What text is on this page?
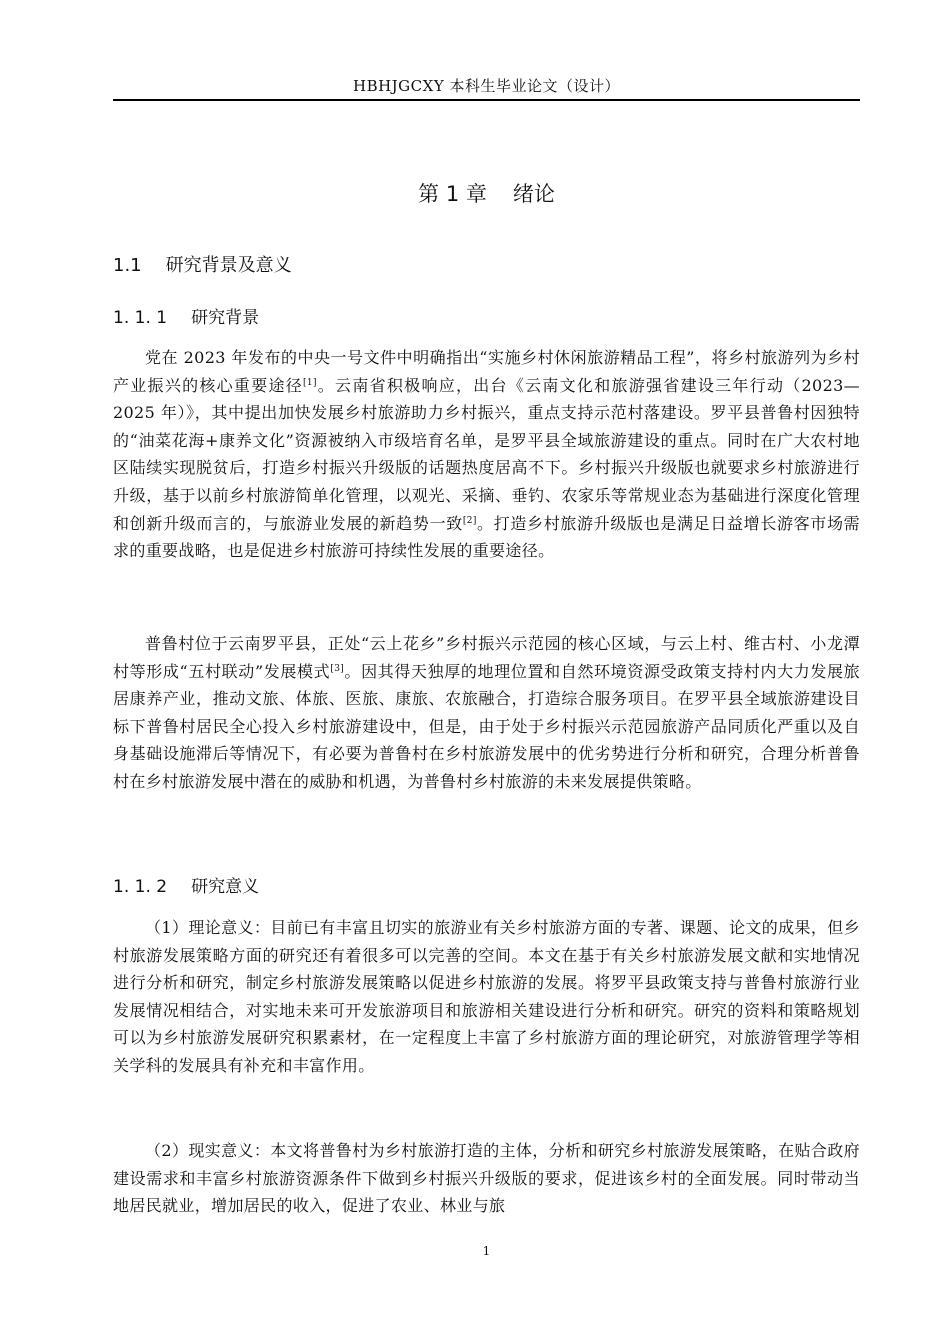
HBHJGCXY 本科生毕业论文（设计）
第 1 章 绪论
1.1 研究背景及意义
1. 1. 1 研究背景

党在 2023 年发布的中央一号文件中明确指出“实施乡村休闲旅游精品工程”，将乡村旅游列为乡村产业振兴的核心重要途径[1]。云南省积极响应，出台《云南文化和旅游强省建设三年行动（2023—2025 年）》，其中提出加快发展乡村旅游助力乡村振兴，重点支持示范村落建设。罗平县普鲁村因独特的“油菜花海+康养文化”资源被纳入市级培育名单，是罗平县全域旅游建设的重点。同时在广大农村地区陆续实现脱贫后，打造乡村振兴升级版的话题热度居高不下。乡村振兴升级版也就要求乡村旅游进行升级，基于以前乡村旅游简单化管理，以观光、采摘、垂钓、农家乐等常规业态为基础进行深度化管理和创新升级而言的，与旅游业发展的新趋势一致[2]。打造乡村旅游升级版也是满足日益增长游客市场需求的重要战略，也是促进乡村旅游可持续性发展的重要途径。

普鲁村位于云南罗平县，正处“云上花乡”乡村振兴示范园的核心区域，与云上村、维古村、小龙潭村等形成“五村联动”发展模式[3]。因其得天独厚的地理位置和自然环境资源受政策支持村内大力发展旅居康养产业，推动文旅、体旅、医旅、康旅、农旅融合，打造综合服务项目。在罗平县全域旅游建设目标下普鲁村居民全心投入乡村旅游建设中，但是，由于处于乡村振兴示范园旅游产品同质化严重以及自身基础设施滞后等情况下，有必要为普鲁村在乡村旅游发展中的优劣势进行分析和研究，合理分析普鲁村在乡村旅游发展中潜在的威胁和机遇，为普鲁村乡村旅游的未来发展提供策略。

1. 1. 2 研究意义

（1）理论意义：目前已有丰富且切实的旅游业有关乡村旅游方面的专著、课题、论文的成果，但乡村旅游发展策略方面的研究还有着很多可以完善的空间。本文在基于有关乡村旅游发展文献和实地情况进行分析和研究，制定乡村旅游发展策略以促进乡村旅游的发展。将罗平县政策支持与普鲁村旅游行业发展情况相结合，对实地未来可开发旅游项目和旅游相关建设进行分析和研究。研究的资料和策略规划可以为乡村旅游发展研究积累素材，在一定程度上丰富了乡村旅游方面的理论研究，对旅游管理学等相关学科的发展具有补充和丰富作用。

（2）现实意义：本文将普鲁村为乡村旅游打造的主体，分析和研究乡村旅游发展策略，在贴合政府建设需求和丰富乡村旅游资源条件下做到乡村振兴升级版的要求，促进该乡村的全面发展。同时带动当地居民就业，增加居民的收入，促进了农业、林业与旅

1
